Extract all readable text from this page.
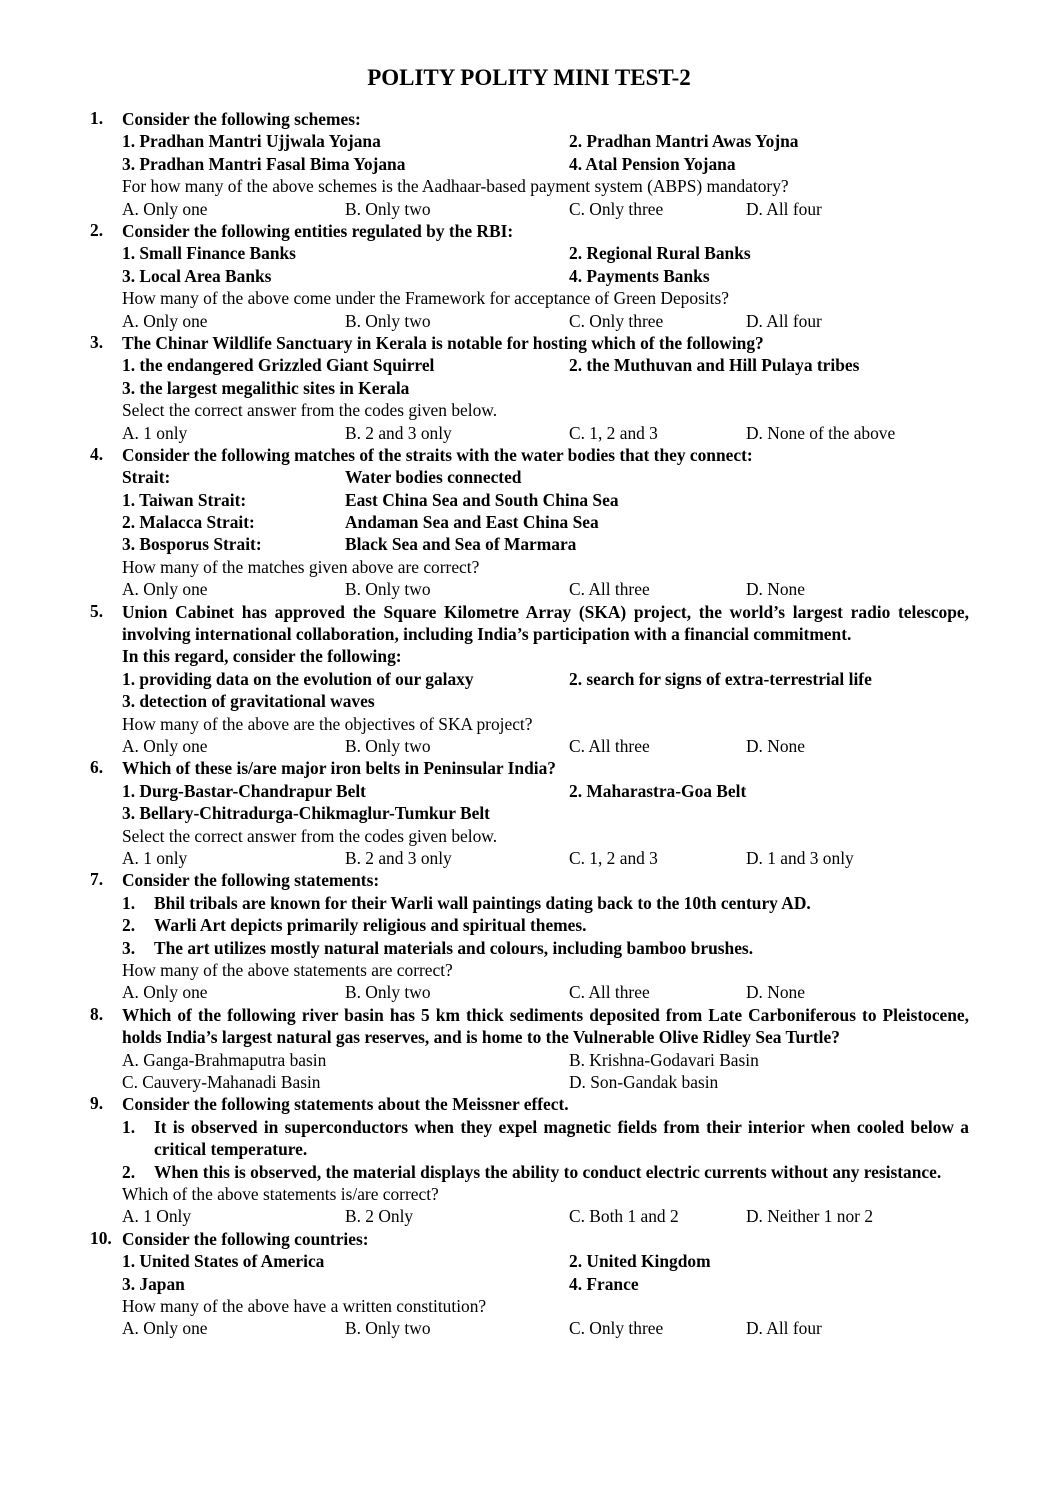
POLITY POLITY MINI TEST-2
1. Consider the following schemes:
1. Pradhan Mantri Ujjwala Yojana	2. Pradhan Mantri Awas Yojna
3. Pradhan Mantri Fasal Bima Yojana	4. Atal Pension Yojana
For how many of the above schemes is the Aadhaar-based payment system (ABPS) mandatory?
A. Only one	B. Only two	C. Only three	D. All four
2. Consider the following entities regulated by the RBI:
1. Small Finance Banks	2. Regional Rural Banks
3. Local Area Banks	4. Payments Banks
How many of the above come under the Framework for acceptance of Green Deposits?
A. Only one	B. Only two	C. Only three	D. All four
3. The Chinar Wildlife Sanctuary in Kerala is notable for hosting which of the following?
1. the endangered Grizzled Giant Squirrel	2. the Muthuvan and Hill Pulaya tribes
3. the largest megalithic sites in Kerala
Select the correct answer from the codes given below.
A. 1 only	B. 2 and 3 only	C. 1, 2 and 3	D. None of the above
4. Consider the following matches of the straits with the water bodies that they connect:
Strait:	Water bodies connected
1. Taiwan Strait:	East China Sea and South China Sea
2. Malacca Strait:	Andaman Sea and East China Sea
3. Bosporus Strait:	Black Sea and Sea of Marmara
How many of the matches given above are correct?
A. Only one	B. Only two	C. All three	D. None
5. Union Cabinet has approved the Square Kilometre Array (SKA) project, the world’s largest radio telescope, involving international collaboration, including India’s participation with a financial commitment.
In this regard, consider the following:
1. providing data on the evolution of our galaxy	2. search for signs of extra-terrestrial life
3. detection of gravitational waves
How many of the above are the objectives of SKA project?
A. Only one	B. Only two	C. All three	D. None
6. Which of these is/are major iron belts in Peninsular India?
1. Durg-Bastar-Chandrapur Belt	2. Maharastra-Goa Belt
3. Bellary-Chitradurga-Chikmaglur-Tumkur Belt
Select the correct answer from the codes given below.
A. 1 only	B. 2 and 3 only	C. 1, 2 and 3	D. 1 and 3 only
7. Consider the following statements:
1. Bhil tribals are known for their Warli wall paintings dating back to the 10th century AD.
2. Warli Art depicts primarily religious and spiritual themes.
3. The art utilizes mostly natural materials and colours, including bamboo brushes.
How many of the above statements are correct?
A. Only one	B. Only two	C. All three	D. None
8. Which of the following river basin has 5 km thick sediments deposited from Late Carboniferous to Pleistocene, holds India’s largest natural gas reserves, and is home to the Vulnerable Olive Ridley Sea Turtle?
A. Ganga-Brahmaputra basin	B. Krishna-Godavari Basin
C. Cauvery-Mahanadi Basin	D. Son-Gandak basin
9. Consider the following statements about the Meissner effect.
1. It is observed in superconductors when they expel magnetic fields from their interior when cooled below a critical temperature.
2. When this is observed, the material displays the ability to conduct electric currents without any resistance.
Which of the above statements is/are correct?
A. 1 Only	B. 2 Only	C. Both 1 and 2	D. Neither 1 nor 2
10. Consider the following countries:
1. United States of America	2. United Kingdom
3. Japan	4. France
How many of the above have a written constitution?
A. Only one	B. Only two	C. Only three	D. All four
